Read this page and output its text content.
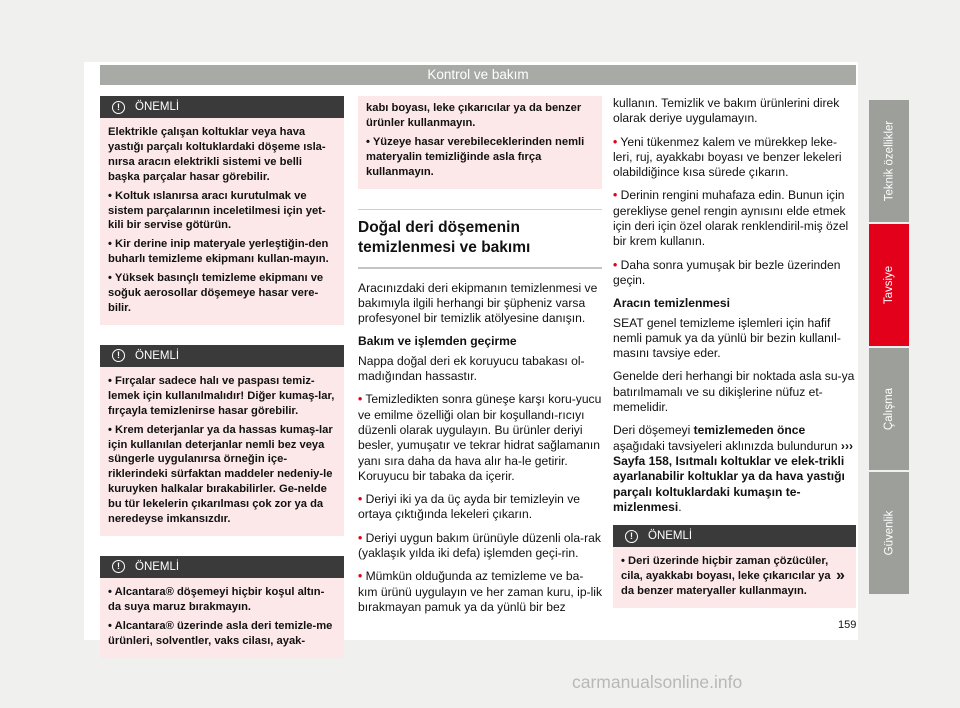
Kontrol ve bakım
!	ÖNEMLİ

Elektrikle çalışan koltuklar veya hava yastığı parçalı koltuklardaki döşeme ısla-nırsa aracın elektrikli sistemi ve belli başka parçalar hasar görebilir.

• Koltuk ıslanırsa aracı kurutulmak ve sistem parçalarının inceletilmesi için yet-kili bir servise götürün.

• Kir derine inip materyale yerleştiğin-den buharlı temizleme ekipmanı kullan-mayın.

• Yüksek basınçlı temizleme ekipmanı ve soğuk aerosollar döşemeye hasar vere-bilir.

!	ÖNEMLİ

• Fırçalar sadece halı ve paspası temiz-lemek için kullanılmalıdır! Diğer kumaş-lar, fırçayla temizlenirse hasar görebilir.

• Krem deterjanlar ya da hassas kumaş-lar için kullanılan deterjanlar nemli bez veya süngerle uygulanırsa örneğin içe-riklerindeki sürfaktan maddeler nedeniy-le kuruyken halkalar bırakabilirler. Ge-nelde bu tür lekelerin çıkarılması çok zor ya da neredeyse imkansızdır.

!	ÖNEMLİ

• Alcantara® döşemeyi hiçbir koşul altın-da suya maruz bırakmayın.

• Alcantara® üzerinde asla deri temizle-me ürünleri, solventler, vaks cilası, ayak-

kabı boyası, leke çıkarıcılar ya da benzer ürünler kullanmayın.

• Yüzeye hasar verebileceklerinden nemli materyalin temizliğinde asla fırça kullanmayın.

Doğal deri döşemenin temizlenmesi ve bakımı

Aracınızdaki deri ekipmanın temizlenmesi ve bakımıyla ilgili herhangi bir şüpheniz varsa profesyonel bir temizlik atölyesine danışın.

Bakım ve işlemden geçirme

Nappa doğal deri ek koruyucu tabakası ol-madığından hassastır.

• Temizledikten sonra güneşe karşı koru-yucu ve emilme özelliği olan bir koşullandı-rıcıyı düzenli olarak uygulayın. Bu ürünler deriyi besler, yumuşatır ve tekrar hidrat sağlamanın yanı sıra daha da hava alır ha-le getirir. Koruyucu bir tabaka da içerir.

• Deriyi iki ya da üç ayda bir temizleyin ve ortaya çıktığında lekeleri çıkarın.

• Deriyi uygun bakım ürünüyle düzenli ola-rak (yaklaşık yılda iki defa) işlemden geçi-rin.

• Mümkün olduğunda az temizleme ve ba-kım ürünü uygulayın ve her zaman kuru, ip-lik bırakmayan pamuk ya da yünlü bir bez

kullanın. Temizlik ve bakım ürünlerini direk olarak deriye uygulamayın.

• Yeni tükenmez kalem ve mürekkep leke-leri, ruj, ayakkabı boyası ve benzer lekeleri olabildiğince kısa sürede çıkarın.

• Derinin rengini muhafaza edin. Bunun için gerekliyse genel rengin aynısını elde etmek için deri için özel olarak renklendiril-miş özel bir krem kullanın.

• Daha sonra yumuşak bir bezle üzerinden geçin.

Aracın temizlenmesi

SEAT genel temizleme işlemleri için hafif nemli pamuk ya da yünlü bir bezin kullanıl-masını tavsiye eder.

Genelde deri herhangi bir noktada asla su-ya batırılmamalı ve su dikişlerine nüfuz et-memelidir.

Deri döşemeyi temizlemeden önce aşağıdaki tavsiyeleri aklınızda bulundurun ››› Sayfa 158, Isıtmalı koltuklar ve elek-trikli ayarlanabilir koltuklar ya da hava yastığı parçalı koltuklardaki kumaşın te-mizlenmesi.

!	ÖNEMLİ

• Deri üzerinde hiçbir zaman çözücüler, cila, ayakkabı boyası, leke çıkarıcılar ya da benzer materyaller kullanmayın.

»
Teknik özellikler
Tavsiye
Çalışma
Güvenlik
159
carmanualsonline.info
